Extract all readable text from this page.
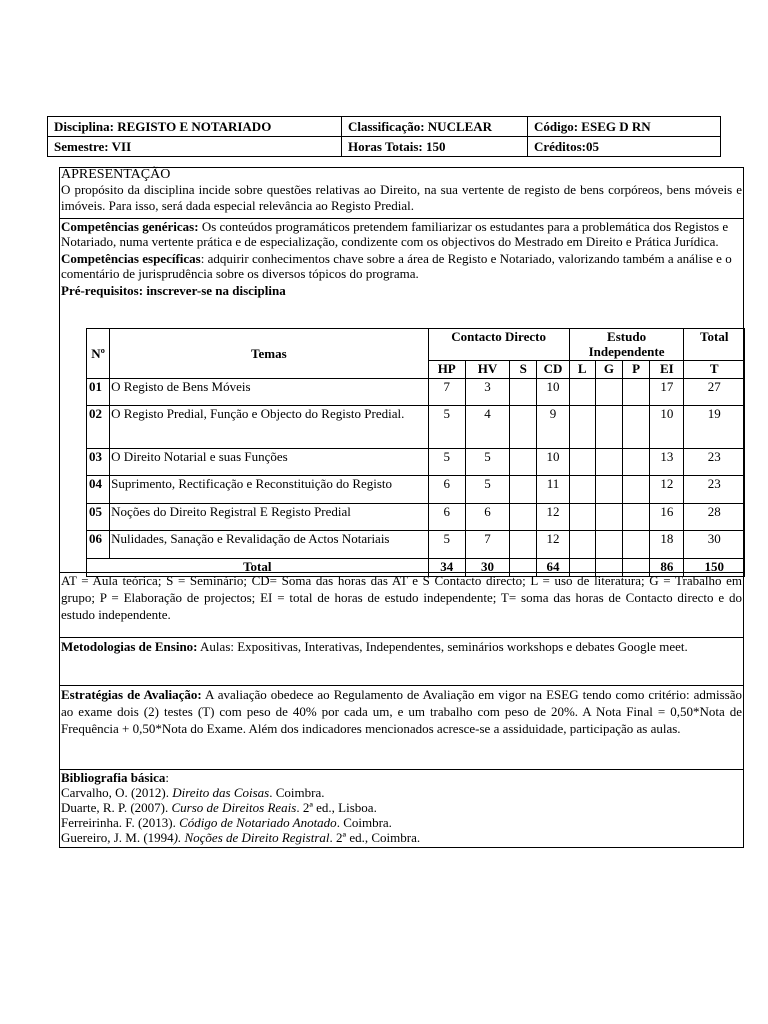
Disciplina: REGISTO E NOTARIADO	Classificação: NUCLEAR	Código: ESEG D RN
Semestre: VII	Horas Totais: 150	Créditos:05

APRESENTAÇÃO

O propósito da disciplina incide sobre questões relativas ao Direito, na sua vertente de registo de bens corpóreos, bens móveis e imóveis. Para isso, será dada especial relevância ao Registo Predial.

Competências genéricas: Os conteúdos programáticos pretendem familiarizar os estudantes para a problemática dos Registos e Notariado, numa vertente prática e de especialização, condizente com os objectivos do Mestrado em Direito e Prática Jurídica.

Competências específicas: adquirir conhecimentos chave sobre a área de Registo e Notariado, valorizando também a análise e o comentário de jurisprudência sobre os diversos tópicos do programa.

Pré-requisitos: inscrever-se na disciplina

AT = Aula teórica; S = Seminário; CD= Soma das horas das AT e S Contacto directo; L = uso de literatura; G = Trabalho em grupo; P = Elaboração de projectos; EI = total de horas de estudo independente; T= soma das horas de Contacto directo e do estudo independente.

Metodologias de Ensino: Aulas: Expositivas, Interativas, Independentes, seminários workshops e debates Google meet.

Estratégias de Avaliação: A avaliação obedece ao Regulamento de Avaliação em vigor na ESEG tendo como critério: admissão ao exame dois (2) testes (T) com peso de 40% por cada um, e um trabalho com peso de 20%. A Nota Final = 0,50*Nota de Frequência + 0,50*Nota do Exame. Além dos indicadores mencionados acresce-se a assiduidade, participação as aulas.

Bibliografia básica:

Carvalho, O. (2012). Direito das Coisas. Coimbra.

Duarte, R. P. (2007). Curso de Direitos Reais. 2ª ed., Lisboa.

Ferreirinha. F. (2013). Código de Notariado Anotado. Coimbra.

Guereiro, J. M. (1994). Noções de Direito Registral. 2ª ed., Coimbra.

Nº	Temas	Contacto Directo				Estudo Independente				Total
		HP	HV	S	CD	L	G	P	EI	T
01	O Registo de Bens Móveis	7	3		10				17	27
02	O Registo Predial, Função e Objecto do Registo Predial.	5	4		9				10	19
03	O Direito Notarial e suas Funções	5	5		10				13	23
04	Suprimento, Rectificação e Reconstituição do Registo	6	5		11				12	23
05	Noções do Direito Registral E Registo Predial	6	6		12				16	28
06	Nulidades, Sanação e Revalidação de Actos Notariais	5	7		12				18	30
Total		34	30		64				86	150
